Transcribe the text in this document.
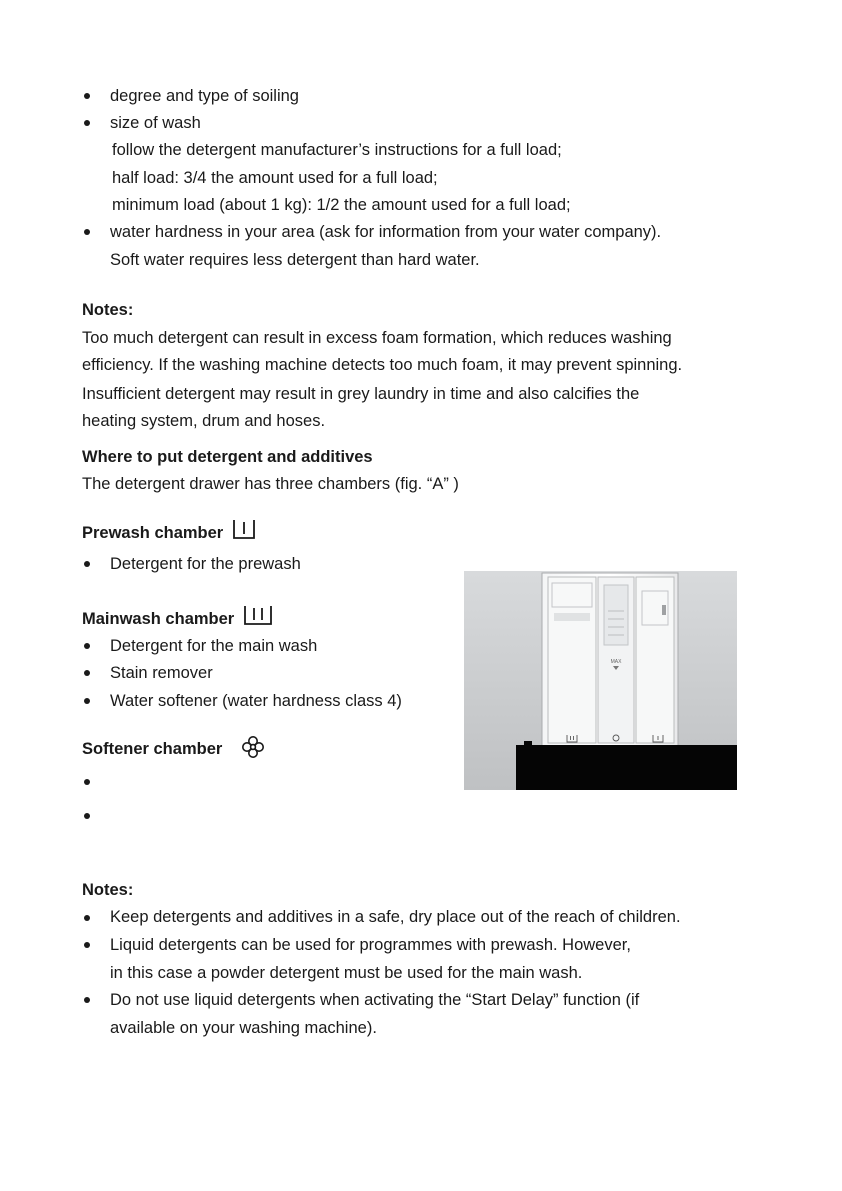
degree and type of soiling
size of wash
follow the detergent manufacturer’s instructions for a full load;
half load: 3/4 the amount used for a full load;
minimum load (about 1 kg): 1/2 the amount used for a full load;
water hardness in your area (ask for information from your water company).
Soft water requires less detergent than hard water.
Notes:
Too much detergent can result in excess foam formation, which reduces washing
efficiency. If the washing machine detects too much foam, it may prevent spinning.
Insufficient detergent may result in grey laundry in time and also calcifies the
heating system, drum and hoses.
Where to put detergent and additives
The detergent drawer has three chambers (fig. “A” )
Prewash chamber
Detergent for the prewash
Mainwash chamber
Detergent for the main wash
Stain remover
Water softener (water hardness class 4)
Softener chamber
MAX
Notes:
Keep detergents and additives in a safe, dry place out of the reach of children.
Liquid detergents can be used for programmes with prewash. However,
in this case a powder detergent must be used for the main wash.
Do not use liquid detergents when activating the “Start Delay” function (if
available on your washing machine).
